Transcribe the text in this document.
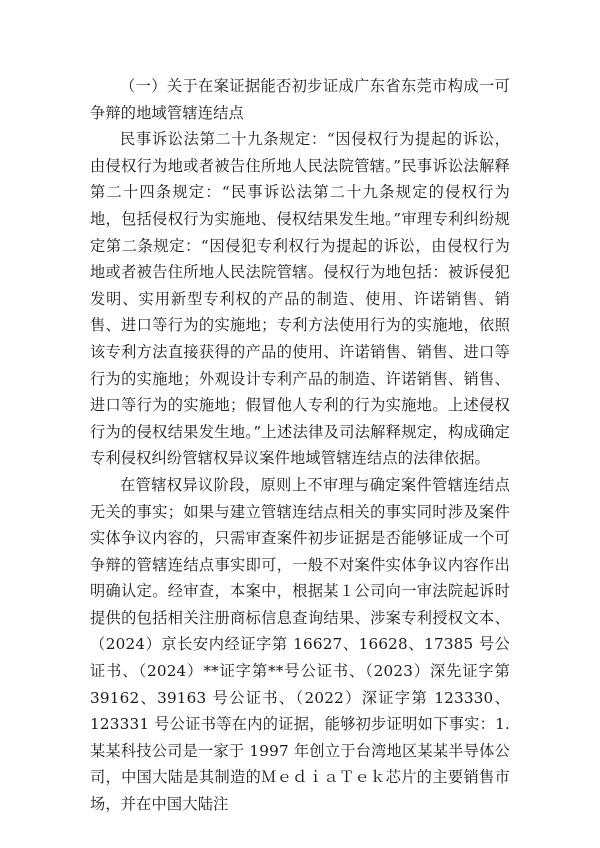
（一）关于在案证据能否初步证成广东省东莞市构成一可争辩的地域管辖连结点

民事诉讼法第二十九条规定：“因侵权行为提起的诉讼，由侵权行为地或者被告住所地人民法院管辖。”民事诉讼法解释第二十四条规定：“民事诉讼法第二十九条规定的侵权行为地，包括侵权行为实施地、侵权结果发生地。”审理专利纠纷规定第二条规定：“因侵犯专利权行为提起的诉讼，由侵权行为地或者被告住所地人民法院管辖。侵权行为地包括：被诉侵犯发明、实用新型专利权的产品的制造、使用、许诺销售、销售、进口等行为的实施地；专利方法使用行为的实施地，依照该专利方法直接获得的产品的使用、许诺销售、销售、进口等行为的实施地；外观设计专利产品的制造、许诺销售、销售、进口等行为的实施地；假冒他人专利的行为实施地。上述侵权行为的侵权结果发生地。”上述法律及司法解释规定，构成确定专利侵权纠纷管辖权异议案件地域管辖连结点的法律依据。

在管辖权异议阶段，原则上不审理与确定案件管辖连结点无关的事实；如果与建立管辖连结点相关的事实同时涉及案件实体争议内容的，只需审查案件初步证据是否能够证成一个可争辩的管辖连结点事实即可，一般不对案件实体争议内容作出明确认定。经审查，本案中，根据某１公司向一审法院起诉时提供的包括相关注册商标信息查询结果、涉案专利授权文本、（2024）京长安内经证字第 16627、16628、17385 号公证书、（2024）**证字第**号公证书、（2023）深先证字第 39162、39163 号公证书、（2022）深证字第 123330、123331 号公证书等在内的证据，能够初步证明如下事实：1.某某科技公司是一家于 1997 年创立于台湾地区某某半导体公司，中国大陆是其制造的ＭｅｄｉａＴｅｋ芯片的主要销售市场，并在中国大陆注
